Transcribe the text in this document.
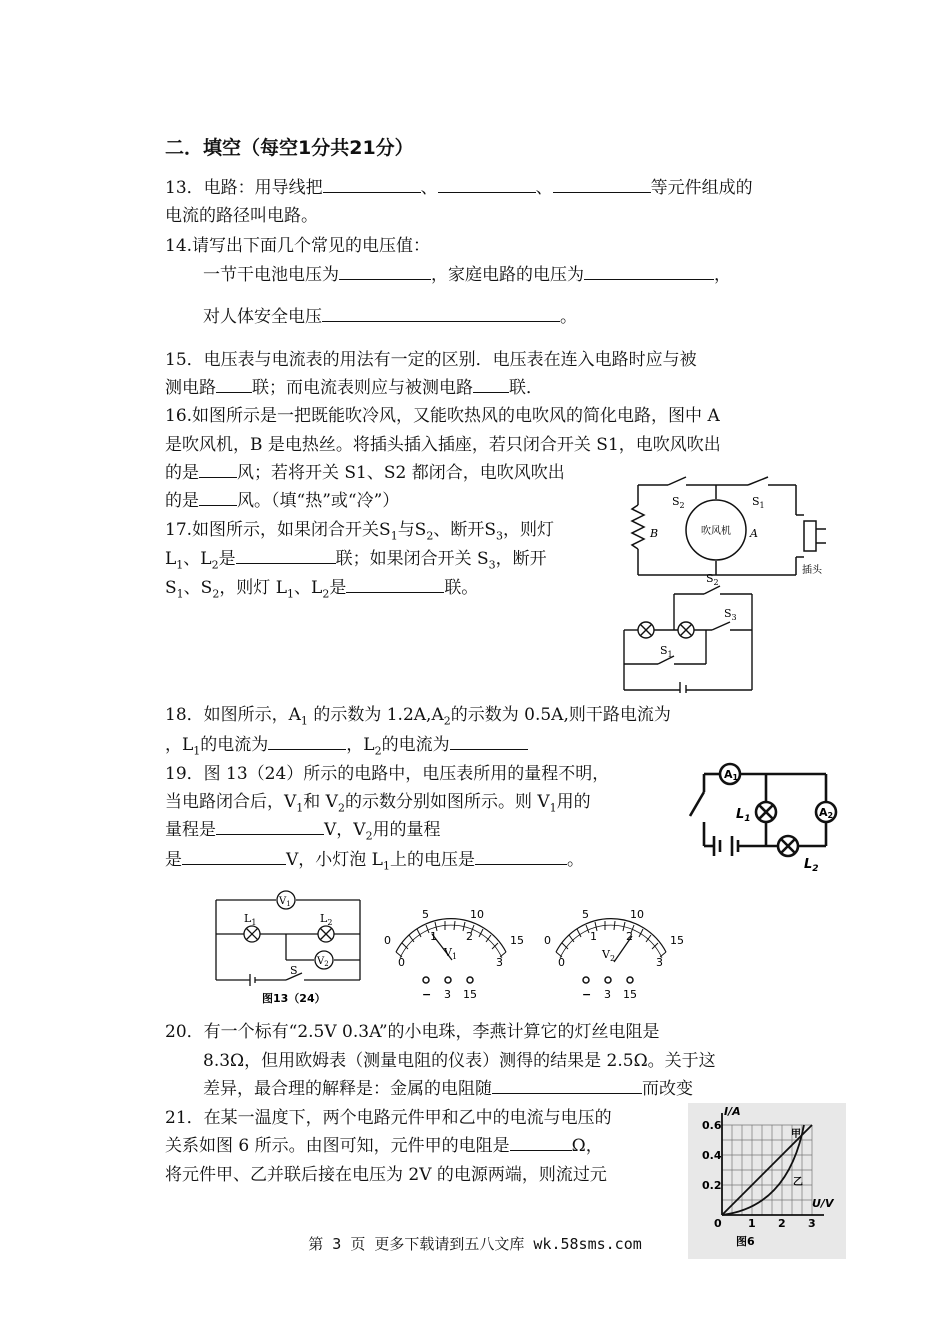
二．填空（每空1分共21分）
13．电路：用导线把	、	、	等元件组成的
电流的路径叫电路。
14.请写出下面几个常见的电压值：
一节干电池电压为	，家庭电路的电压为	，
对人体安全电压	。
15．电压表与电流表的用法有一定的区别．电压表在连入电路时应与被
测电路 联；而电流表则应与被测电路 联．
16.如图所示是一把既能吹冷风，又能吹热风的电吹风的简化电路，图中 A
是吹风机，B 是电热丝。将插头插入插座，若只闭合开关 S1，电吹风吹出
的是 风；若将开关 S1、S2 都闭合，电吹风吹出
的是 风。（填“热”或“冷”）
17.如图所示，如果闭合开关$S_1$与$S_2$、断开$S_3$，则灯
$L_1$、$L_2$是	联；如果闭合开关 $S_3$，断开
$S_1$、$S_2$，则灯 $L_1$、$L_2$是	联。
18．如图所示，$A_1$ 的示数为 $1.2A,A_2$的示数为 0.5A,则干路电流为
，$L_1$的电流为	，$L_2$的电流为
19．图 13（24）所示的电路中，电压表所用的量程不明，
当电路闭合后，$V_1$和 $V_2$的示数分别如图所示。则 $V_1$用的
量程是	V，$V_2$用的量程
是	V，小灯泡 $L_1$上的电压是	。
20．有一个标有“2.5V 0.3A”的小电珠，李燕计算它的灯丝电阻是
8.3Ω，但用欧姆表（测量电阻的仪表）测得的结果是 2.5Ω。关于这
差异，最合理的解释是：金属的电阻随	而改变
21．在某一温度下，两个电路元件甲和乙中的电流与电压的
关系如图 6 所示。由图可知，元件甲的电阻是	Ω，
将元件甲、乙并联后接在电压为 2V 的电源两端，则流过元
$S_2$	$S_1$
B	吹风机 A
插头
$S_2$
$S_3$
$S_1$
A1
A2
$L_1$
$L_2$
$V_1$
$L_1$	$L_2$
$V_2$
S
图13（24）
0
5	10
15
0
1	2
3
$V_1$
− 3 15
0
5	10
15
0
1	2
3
$V_2$
− 3 15
I/A
U/V
0.6
0.4
0.2
0 1 2 3
甲
乙
图6
第 3 页 更多下载请到五八文库 wk.58sms.com
